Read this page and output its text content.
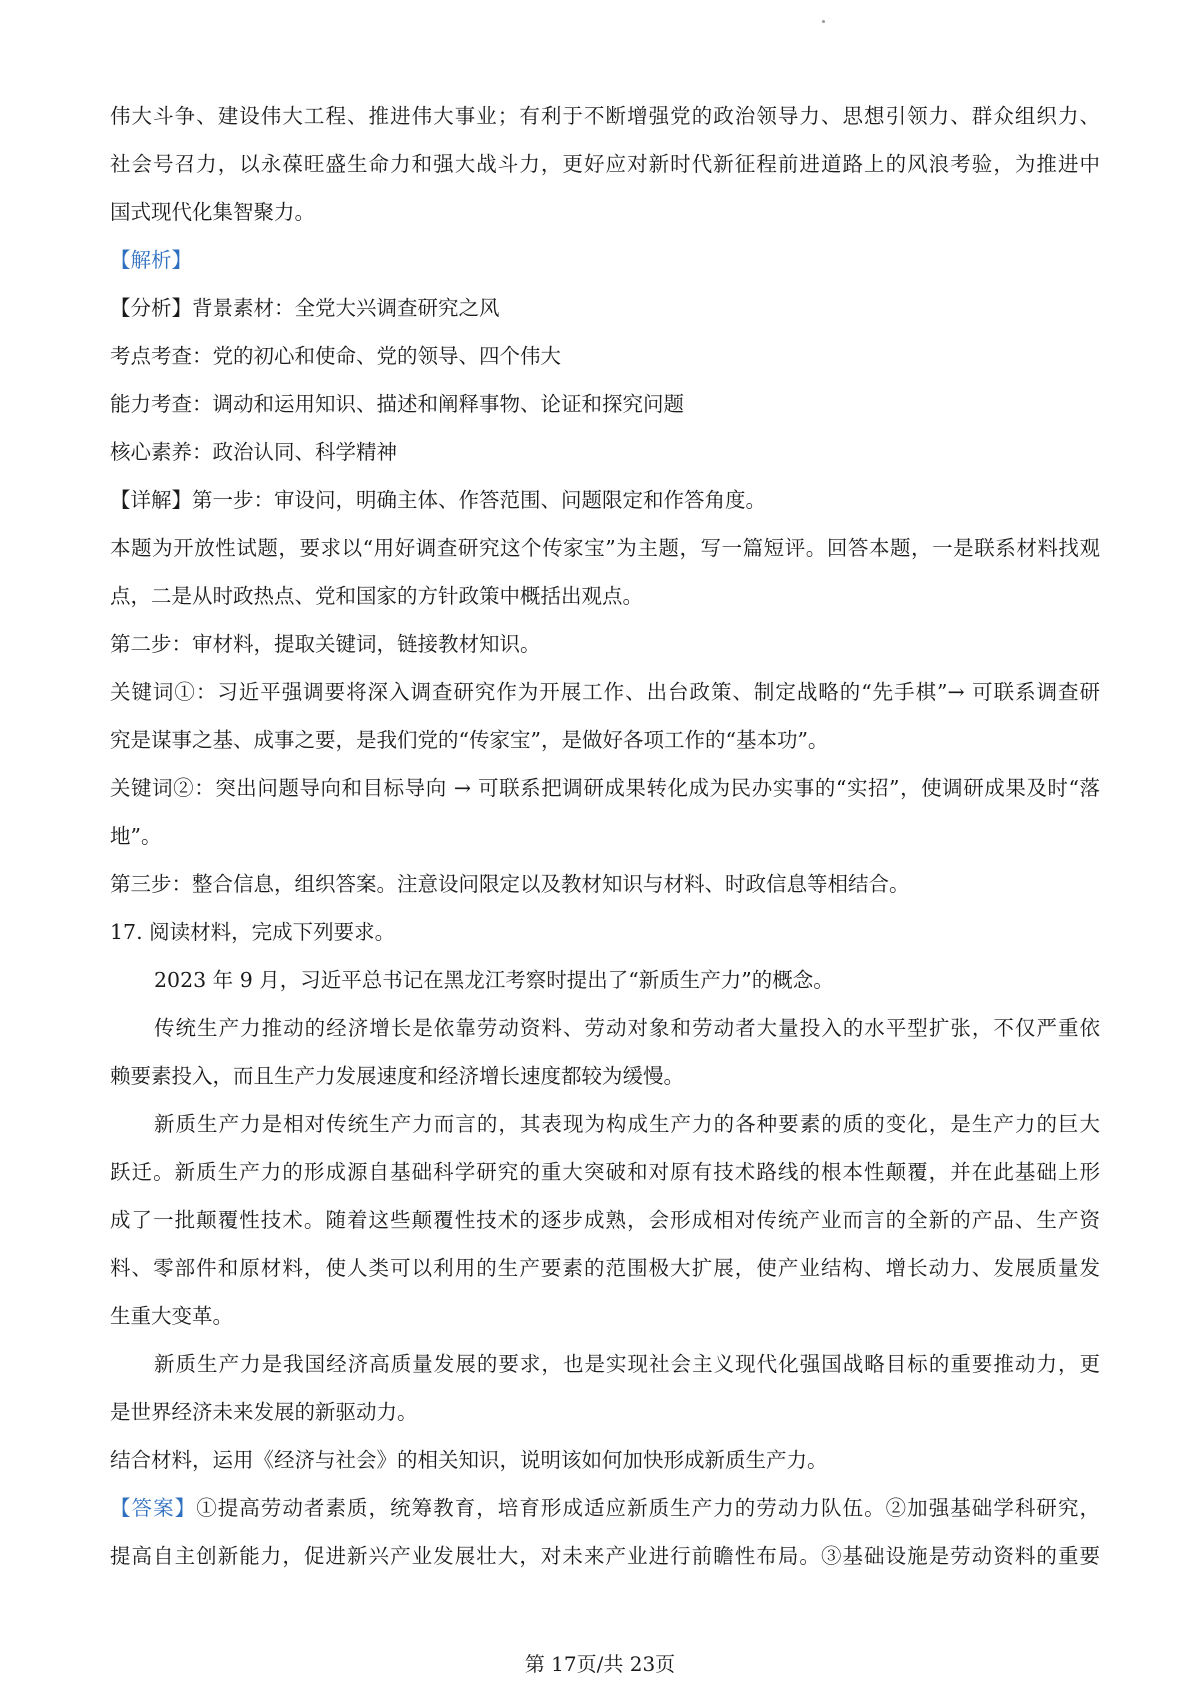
伟大斗争、建设伟大工程、推进伟大事业；有利于不断增强党的政治领导力、思想引领力、群众组织力、
社会号召力，以永葆旺盛生命力和强大战斗力，更好应对新时代新征程前进道路上的风浪考验，为推进中
国式现代化集智聚力。
【解析】
【分析】背景素材：全党大兴调查研究之风
考点考查：党的初心和使命、党的领导、四个伟大
能力考查：调动和运用知识、描述和阐释事物、论证和探究问题
核心素养：政治认同、科学精神
【详解】第一步：审设问，明确主体、作答范围、问题限定和作答角度。
本题为开放性试题，要求以“用好调查研究这个传家宝”为主题，写一篇短评。回答本题，一是联系材料找观
点，二是从时政热点、党和国家的方针政策中概括出观点。
第二步：审材料，提取关键词，链接教材知识。
关键词①：习近平强调要将深入调查研究作为开展工作、出台政策、制定战略的“先手棋”→ 可联系调查研
究是谋事之基、成事之要，是我们党的“传家宝”，是做好各项工作的“基本功”。
关键词②：突出问题导向和目标导向 → 可联系把调研成果转化成为民办实事的“实招”，使调研成果及时“落
地”。
第三步：整合信息，组织答案。注意设问限定以及教材知识与材料、时政信息等相结合。
17. 阅读材料，完成下列要求。
2023 年 9 月，习近平总书记在黑龙江考察时提出了“新质生产力”的概念。
传统生产力推动的经济增长是依靠劳动资料、劳动对象和劳动者大量投入的水平型扩张，不仅严重依
赖要素投入，而且生产力发展速度和经济增长速度都较为缓慢。
新质生产力是相对传统生产力而言的，其表现为构成生产力的各种要素的质的变化，是生产力的巨大
跃迁。新质生产力的形成源自基础科学研究的重大突破和对原有技术路线的根本性颠覆，并在此基础上形
成了一批颠覆性技术。随着这些颠覆性技术的逐步成熟，会形成相对传统产业而言的全新的产品、生产资
料、零部件和原材料，使人类可以利用的生产要素的范围极大扩展，使产业结构、增长动力、发展质量发
生重大变革。
新质生产力是我国经济高质量发展的要求，也是实现社会主义现代化强国战略目标的重要推动力，更
是世界经济未来发展的新驱动力。
结合材料，运用《经济与社会》的相关知识，说明该如何加快形成新质生产力。
【答案】①提高劳动者素质，统筹教育，培育形成适应新质生产力的劳动力队伍。②加强基础学科研究，
提高自主创新能力，促进新兴产业发展壮大，对未来产业进行前瞻性布局。③基础设施是劳动资料的重要
第 17页/共 23页
